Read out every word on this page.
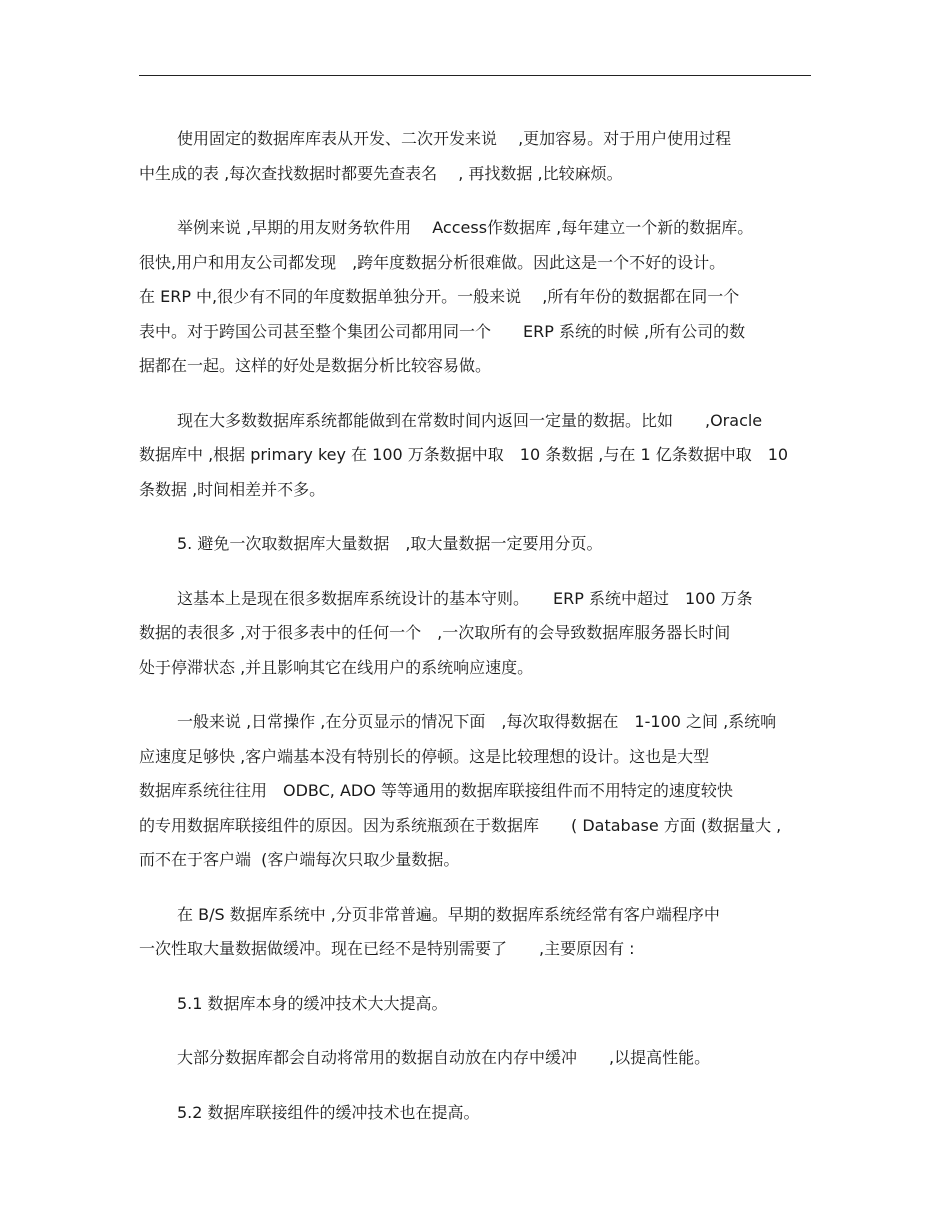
使用固定的数据库库表从开发、二次开发来说　 ,更加容易。对于用户使用过程
中生成的表 ,每次查找数据时都要先查表名　 , 再找数据 ,比较麻烦。
举例来说 ,早期的用友财务软件用　 Access作数据库 ,每年建立一个新的数据库。
很快,用户和用友公司都发现　,跨年度数据分析很难做。因此这是一个不好的设计。
在 ERP 中,很少有不同的年度数据单独分开。一般来说　 ,所有年份的数据都在同一个
表中。对于跨国公司甚至整个集团公司都用同一个　　ERP 系统的时候 ,所有公司的数
据都在一起。这样的好处是数据分析比较容易做。
现在大多数数据库系统都能做到在常数时间内返回一定量的数据。比如　　,Oracle
数据库中 ,根据 primary key 在 100 万条数据中取　10 条数据 ,与在 1 亿条数据中取　10
条数据 ,时间相差并不多。
5. 避免一次取数据库大量数据　,取大量数据一定要用分页。
这基本上是现在很多数据库系统设计的基本守则。　　ERP 系统中超过　100 万条
数据的表很多 ,对于很多表中的任何一个　,一次取所有的会导致数据库服务器长时间
处于停滞状态 ,并且影响其它在线用户的系统响应速度。
一般来说 ,日常操作 ,在分页显示的情况下面　,每次取得数据在　1-100 之间 ,系统响
应速度足够快 ,客户端基本没有特别长的停顿。这是比较理想的设计。这也是大型
数据库系统往往用　ODBC, ADO 等等通用的数据库联接组件而不用特定的速度较快
的专用数据库联接组件的原因。因为系统瓶颈在于数据库　　( Database 方面 (数据量大 ,
而不在于客户端  (客户端每次只取少量数据。
在 B/S 数据库系统中 ,分页非常普遍。早期的数据库系统经常有客户端程序中
一次性取大量数据做缓冲。现在已经不是特别需要了　　,主要原因有 :
5.1 数据库本身的缓冲技术大大提高。
大部分数据库都会自动将常用的数据自动放在内存中缓冲　　,以提高性能。
5.2 数据库联接组件的缓冲技术也在提高。
